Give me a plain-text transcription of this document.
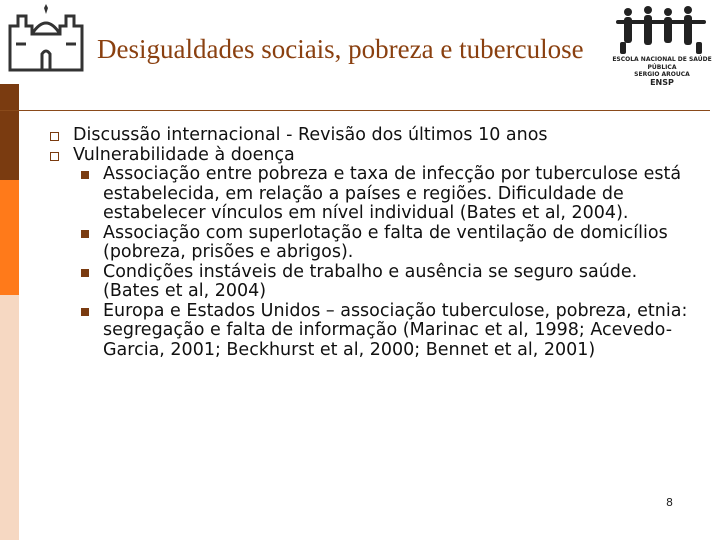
ESCOLA NACIONAL DE SAÚDE PÚBLICA
SERGIO AROUCA
ENSP
Desigualdades sociais, pobreza e tuberculose
Discussão internacional - Revisão dos últimos 10 anos
Vulnerabilidade à doença
Associação entre pobreza e taxa de infecção por tuberculose está estabelecida, em relação a países e regiões. Dificuldade de estabelecer vínculos em nível individual (Bates et al, 2004).
Associação com superlotação e falta de ventilação de domicílios (pobreza, prisões e abrigos).
Condições instáveis de trabalho e ausência se seguro saúde. (Bates et al, 2004)
Europa e Estados Unidos – associação tuberculose, pobreza, etnia: segregação e falta de informação (Marinac et al, 1998; Acevedo-Garcia, 2001; Beckhurst et al, 2000; Bennet et al, 2001)
8
